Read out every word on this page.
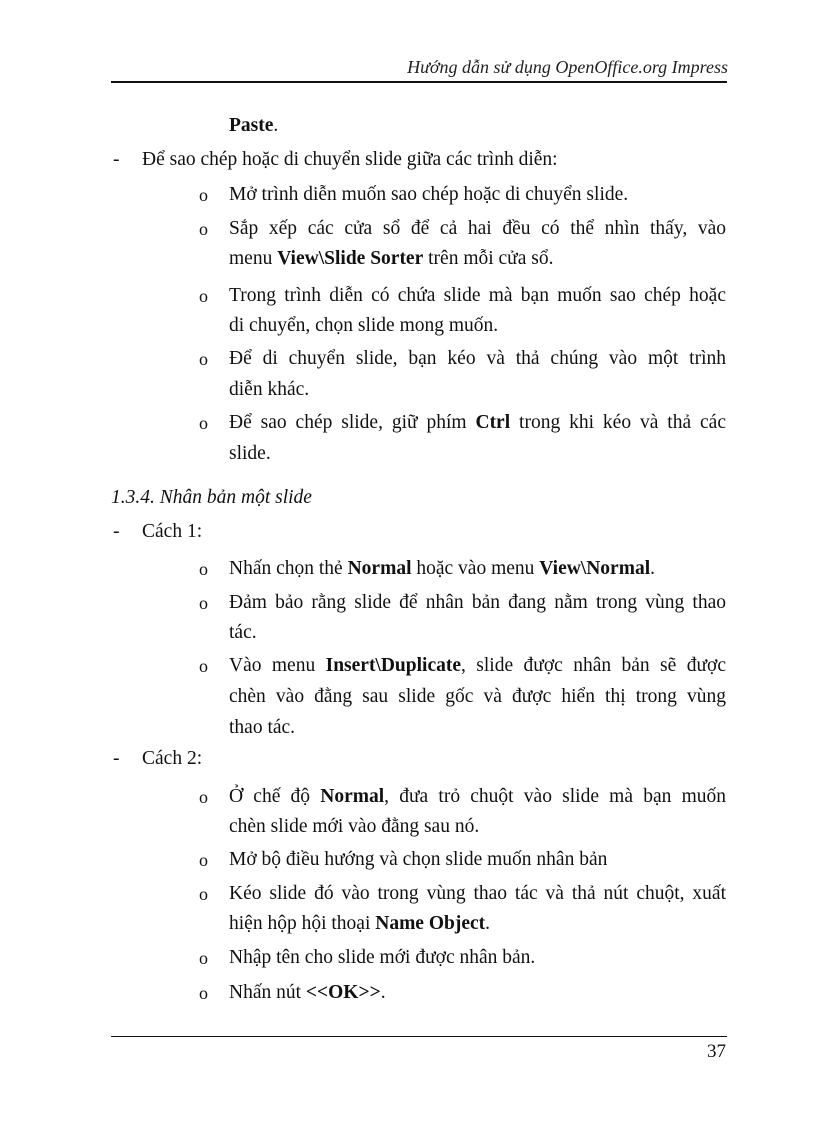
Hướng dẫn sử dụng OpenOffice.org Impress
Paste.
- Để sao chép hoặc di chuyển slide giữa các trình diễn:
o Mở trình diễn muốn sao chép hoặc di chuyển slide.
o Sắp xếp các cửa sổ để cả hai đều có thể nhìn thấy, vào
menu View\Slide Sorter trên mỗi cửa sổ.
o Trong trình diễn có chứa slide mà bạn muốn sao chép hoặc
di chuyển, chọn slide mong muốn.
o Để di chuyển slide, bạn kéo và thả chúng vào một trình
diễn khác.
o Để sao chép slide, giữ phím Ctrl trong khi kéo và thả các
slide.
1.3.4. Nhân bản một slide
- Cách 1:
o Nhấn chọn thẻ Normal hoặc vào menu View\Normal.
o Đảm bảo rằng slide để nhân bản đang nằm trong vùng thao
tác.
o Vào menu Insert\Duplicate, slide được nhân bản sẽ được
chèn vào đằng sau slide gốc và được hiển thị trong vùng
thao tác.
- Cách 2:
o Ở chế độ Normal, đưa trỏ chuột vào slide mà bạn muốn
chèn slide mới vào đằng sau nó.
o Mở bộ điều hướng và chọn slide muốn nhân bản
o Kéo slide đó vào trong vùng thao tác và thả nút chuột, xuất
hiện hộp hội thoại Name Object.
o Nhập tên cho slide mới được nhân bản.
o Nhấn nút <<OK>>.
37
